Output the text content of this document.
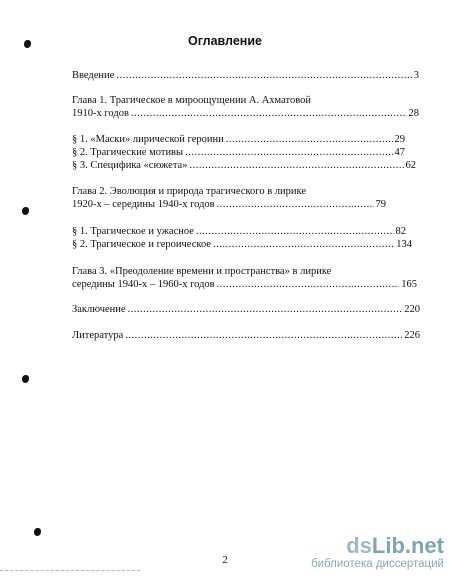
Оглавление
Введение .....	3
Глава 1. Трагическое в мироощущении А. Ахматовой
1910-х годов .....	28
§ 1. «Маски» лирической героини .....	29
§ 2. Трагические мотивы .....	47
§ 3. Специфика «сюжета» .....	62
Глава 2. Эволюция и природа трагического в лирике
1920-х – середины 1940-х годов .....	79
§ 1. Трагическое и ужасное .....	82
§ 2. Трагическое и героическое .....	134
Глава 3. «Преодоление времени и пространства» в лирике
середины 1940-х – 1960-х годов .....	165
Заключение .....	220
Литература .....	226
2
dsLib.net
библиотека диссертаций
